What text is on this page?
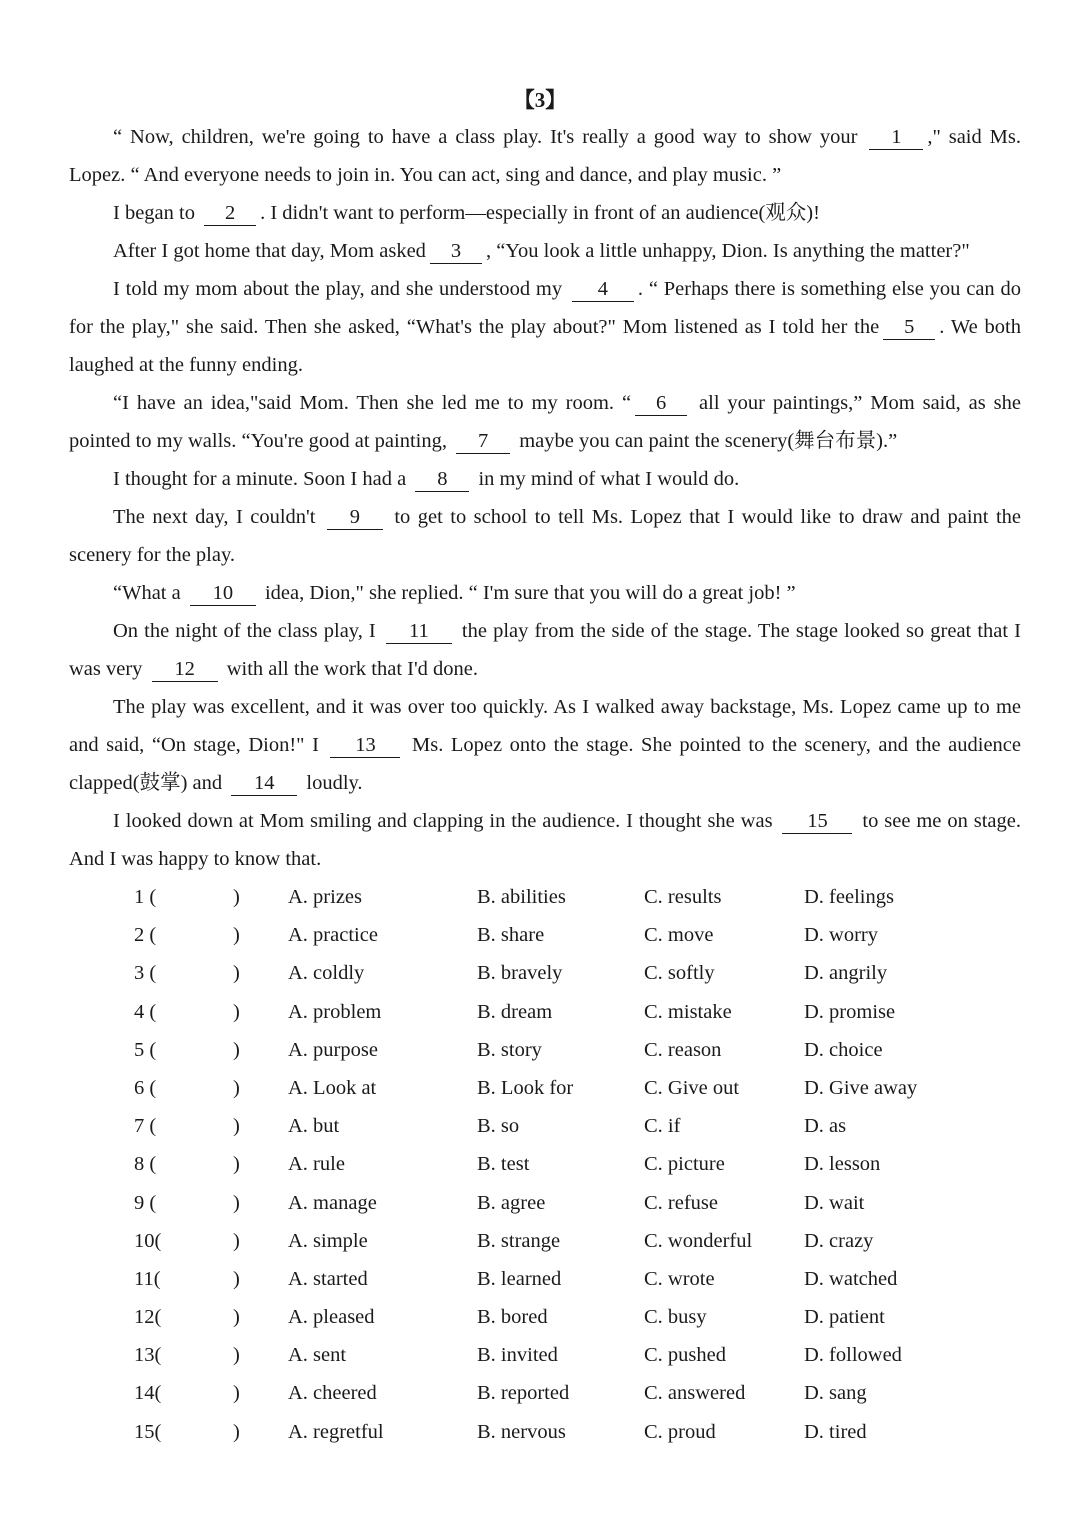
【3】

“ Now, children, we're going to have a class play. It's really a good way to show your 1 ," said Ms. Lopez. “ And everyone needs to join in. You can act, sing and dance, and play music. ”

I began to 2 . I didn't want to perform—especially in front of an audience(观众)!

After I got home that day, Mom asked 3 , “You look a little unhappy, Dion. Is anything the matter?"

I told my mom about the play, and she understood my 4 . “ Perhaps there is something else you can do for the play," she said. Then she asked, “What's the play about?" Mom listened as I told her the 5 . We both laughed at the funny ending.

“I have an idea,"said Mom. Then she led me to my room. “ 6 all your paintings,” Mom said, as she pointed to my walls. “You're good at painting, 7 maybe you can paint the scenery(舞台布景).”

I thought for a minute. Soon I had a 8 in my mind of what I would do.

The next day, I couldn't 9 to get to school to tell Ms. Lopez that I would like to draw and paint the scenery for the play.

“What a 10 idea, Dion," she replied. “ I'm sure that you will do a great job! ”

On the night of the class play, I 11 the play from the side of the stage. The stage looked so great that I was very 12 with all the work that I'd done.

The play was excellent, and it was over too quickly. As I walked away backstage, Ms. Lopez came up to me and said, “On stage, Dion!" I 13 Ms. Lopez onto the stage. She pointed to the scenery, and the audience clapped(鼓掌) and 14 loudly.

I looked down at Mom smiling and clapping in the audience. I thought she was 15 to see me on stage. And I was happy to know that.

1 (	) A. prizes	B. abilities	C. results	D. feelings
2 (	) A. practice	B. share	C. move	D. worry
3 (	) A. coldly	B. bravely	C. softly	D. angrily
4 (	) A. problem	B. dream	C. mistake	D. promise
5 (	) A. purpose	B. story	C. reason	D. choice
6 (	) A. Look at	B. Look for	C. Give out	D. Give away
7 (	) A. but	B. so	C. if	D. as
8 (	) A. rule	B. test	C. picture	D. lesson
9 (	) A. manage	B. agree	C. refuse	D. wait
10(	) A. simple	B. strange	C. wonderful	D. crazy
11(	) A. started	B. learned	C. wrote	D. watched
12(	) A. pleased	B. bored	C. busy	D. patient
13(	) A. sent	B. invited	C. pushed	D. followed
14(	) A. cheered	B. reported	C. answered	D. sang
15(	) A. regretful	B. nervous	C. proud	D. tired
